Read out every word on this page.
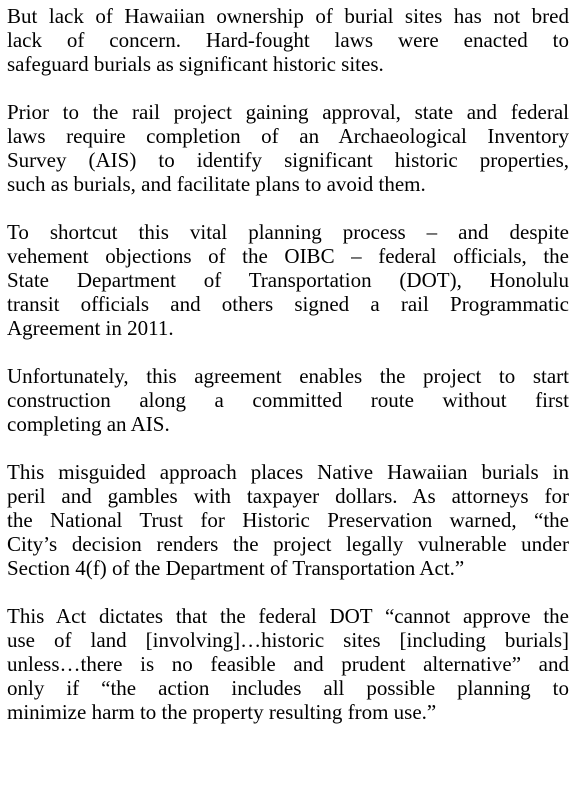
But lack of Hawaiian ownership of burial sites has not bred
lack of concern. Hard-fought laws were enacted to
safeguard burials as significant historic sites.

Prior to the rail project gaining approval, state and federal
laws require completion of an Archaeological Inventory
Survey (AIS) to identify significant historic properties,
such as burials, and facilitate plans to avoid them.

To shortcut this vital planning process – and despite
vehement objections of the OIBC – federal officials, the
State Department of Transportation (DOT), Honolulu
transit officials and others signed a rail Programmatic
Agreement in 2011.

Unfortunately, this agreement enables the project to start
construction along a committed route without first
completing an AIS.

This misguided approach places Native Hawaiian burials in
peril and gambles with taxpayer dollars. As attorneys for
the National Trust for Historic Preservation warned, “the
City’s decision renders the project legally vulnerable under
Section 4(f) of the Department of Transportation Act.”

This Act dictates that the federal DOT “cannot approve the
use of land [involving]…historic sites [including burials]
unless…there is no feasible and prudent alternative” and
only if “the action includes all possible planning to
minimize harm to the property resulting from use.”
